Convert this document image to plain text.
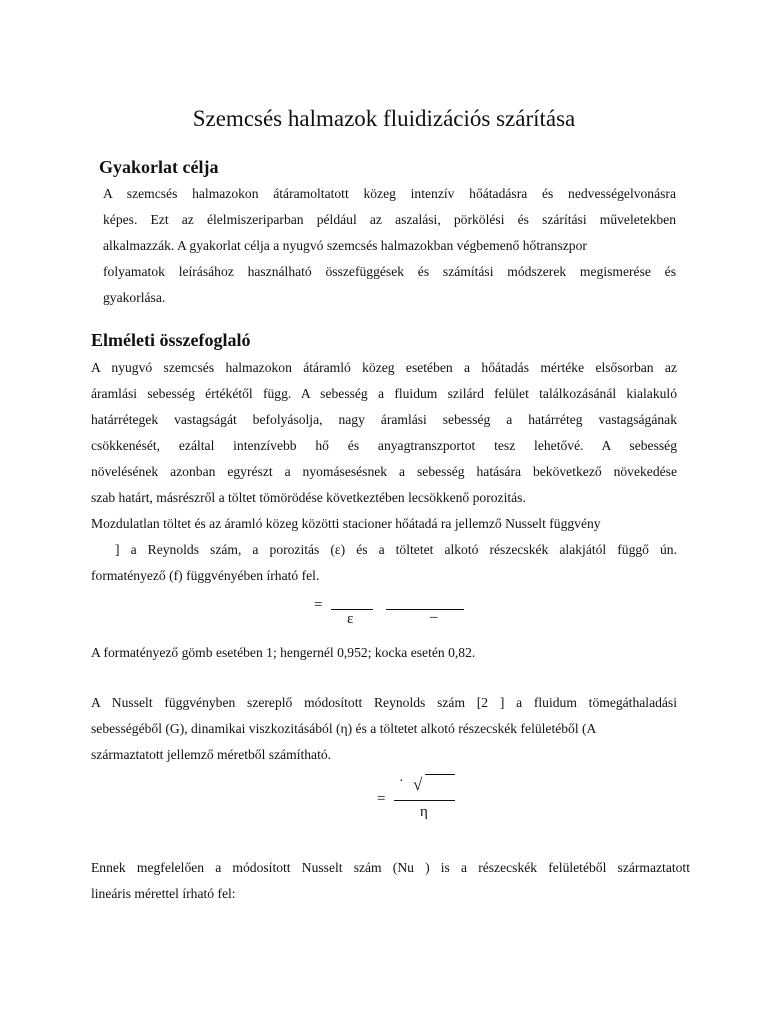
Szemcsés halmazok fluidizációs szárítása
Gyakorlat célja
A szemcsés halmazokon átáramoltatott közeg intenzív hőátadásra és nedvességelvonásra
képes. Ezt az élelmiszeriparban például az aszalási, pörkölési és szárítási műveletekben
alkalmazzák. A gyakorlat célja a nyugvó szemcsés halmazokban végbemenő hőtranszpor
folyamatok leírásához használható összefüggések és számítási módszerek megismerése és
gyakorlása.
Elméleti összefoglaló
A nyugvó szemcsés halmazokon átáramló közeg esetében a hőátadás mértéke elsősorban az
áramlási sebesség értékétől függ. A sebesség a fluidum szilárd felület találkozásánál kialakuló
határrétegek vastagságát befolyásolja, nagy áramlási sebesség a határréteg vastagságának
csökkenését, ezáltal intenzívebb hő és anyagtranszportot tesz lehetővé. A sebesség
növelésének azonban egyrészt a nyomásesésnek a sebesség hatására bekövetkező növekedése
szab határt, másrészről a töltet tömörödése következtében lecsökkenő porozitás.
Mozdulatlan töltet és az áramló közeg közötti stacioner hőátadá ra jellemző Nusselt függvény
] a Reynolds szám, a porozitás (ε) és a töltetet alkotó részecskék alakjától függő ún.
formatényező (f) függvényében írható fel.
=
ε	–

A formatényező gömb esetében 1; hengernél 0,952; kocka esetén 0,82.

A Nusselt függvényben szereplő módosított Reynolds szám [2 ] a fluidum tömegáthaladási
sebességéből (G), dinamikai viszkozitásából (η) és a töltetet alkotó részecskék felületéből (A
származtatott jellemző méretből számítható.
· √
=
η
Ennek megfelelően a módosított Nusselt szám (Nu ) is a részecskék felületéből származtatott
lineáris mérettel írható fel:
